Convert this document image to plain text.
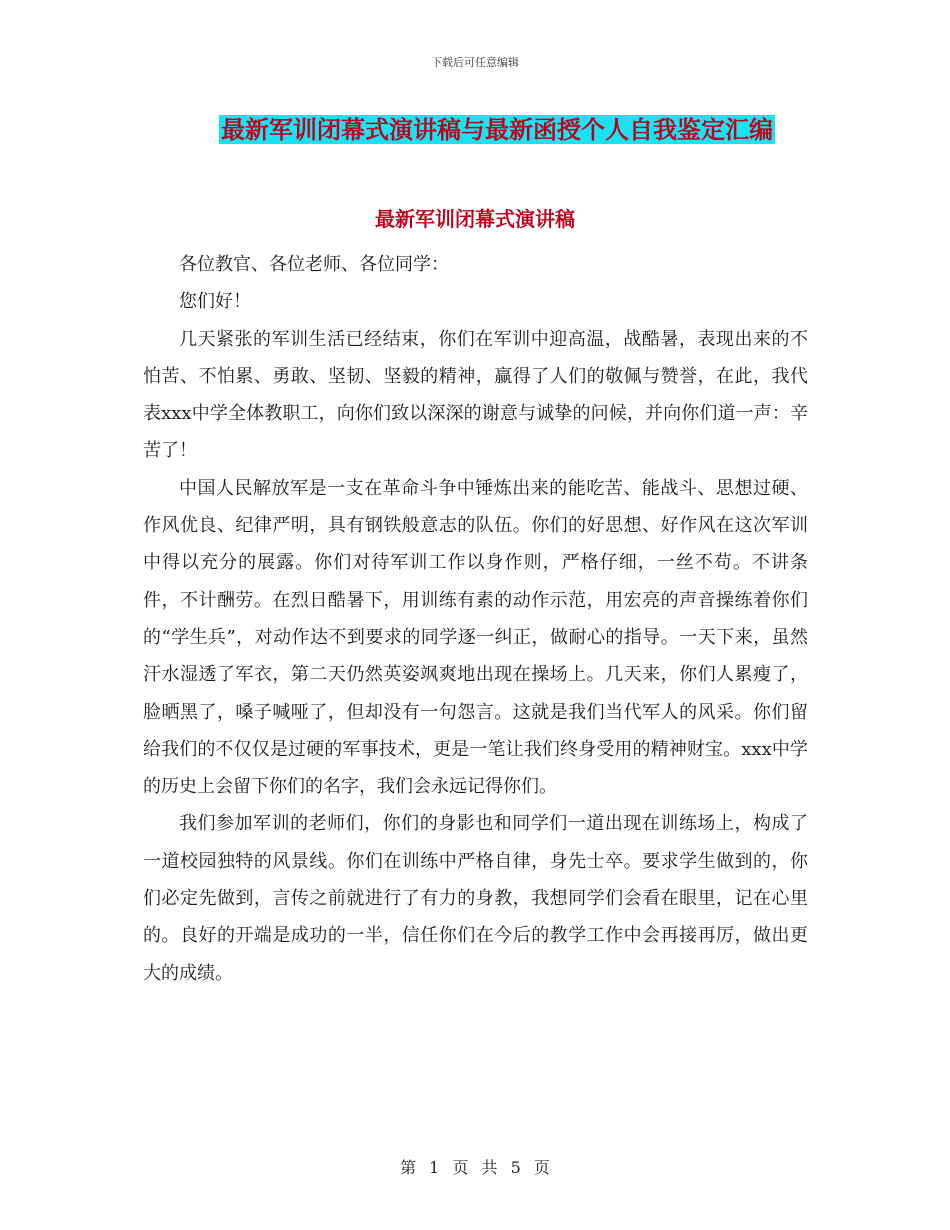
下载后可任意编辑
最新军训闭幕式演讲稿与最新函授个人自我鉴定汇编
最新军训闭幕式演讲稿

各位教官、各位老师、各位同学：

您们好！

几天紧张的军训生活已经结束，你们在军训中迎高温，战酷暑，表现出来的不怕苦、不怕累、勇敢、坚韧、坚毅的精神，赢得了人们的敬佩与赞誉，在此，我代表xxx中学全体教职工，向你们致以深深的谢意与诚挚的问候，并向你们道一声：辛苦了！

中国人民解放军是一支在革命斗争中锤炼出来的能吃苦、能战斗、思想过硬、作风优良、纪律严明，具有钢铁般意志的队伍。你们的好思想、好作风在这次军训中得以充分的展露。你们对待军训工作以身作则，严格仔细，一丝不苟。不讲条件，不计酬劳。在烈日酷暑下，用训练有素的动作示范，用宏亮的声音操练着你们的“学生兵”，对动作达不到要求的同学逐一纠正，做耐心的指导。一天下来，虽然汗水湿透了军衣，第二天仍然英姿飒爽地出现在操场上。几天来，你们人累瘦了，脸晒黑了，嗓子喊哑了，但却没有一句怨言。这就是我们当代军人的风采。你们留给我们的不仅仅是过硬的军事技术，更是一笔让我们终身受用的精神财宝。xxx中学的历史上会留下你们的名字，我们会永远记得你们。

我们参加军训的老师们，你们的身影也和同学们一道出现在训练场上，构成了一道校园独特的风景线。你们在训练中严格自律，身先士卒。要求学生做到的，你们必定先做到，言传之前就进行了有力的身教，我想同学们会看在眼里，记在心里的。良好的开端是成功的一半，信任你们在今后的教学工作中会再接再厉，做出更大的成绩。

第 1 页 共 5 页
